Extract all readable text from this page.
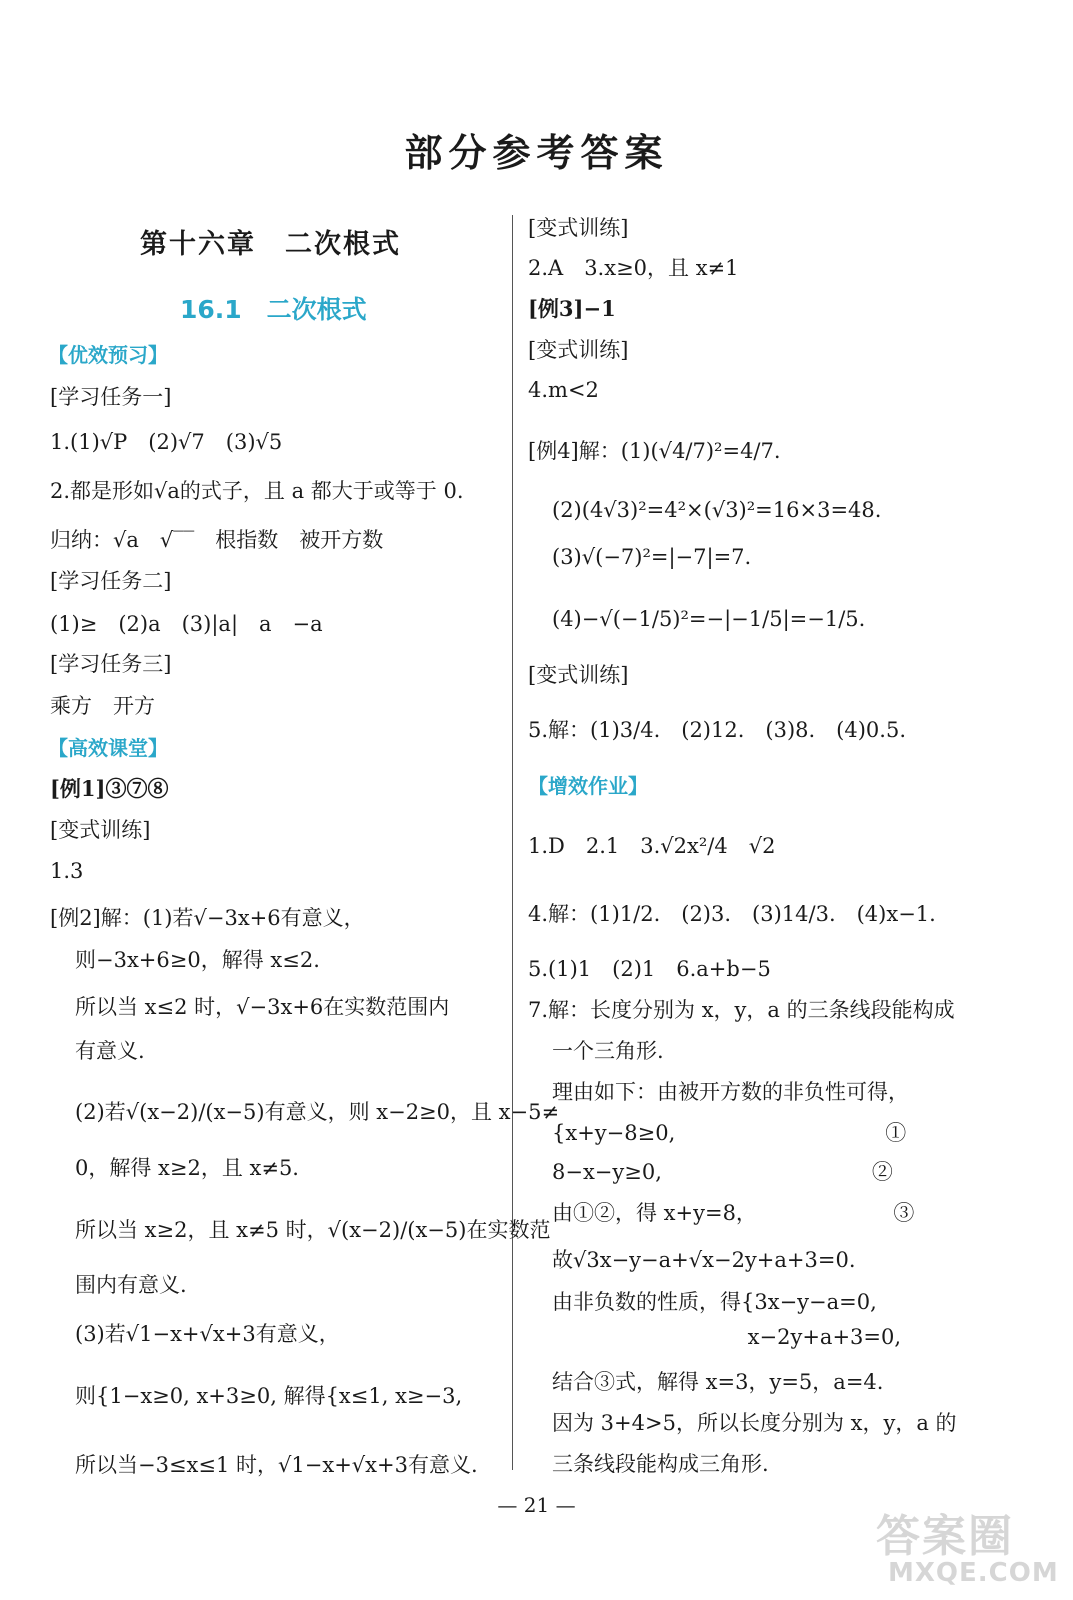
部分参考答案
第十六章　二次根式
16.1　二次根式
【优效预习】
[学习任务一]
1.(1)√P　(2)√7　(3)√5
2.都是形如√a的式子，且 a 都大于或等于 0.
归纳：√a　√‾‾　根指数　被开方数
[学习任务二]
(1)≥　(2)a　(3)|a|　a　−a
[学习任务三]
乘方　开方
【高效课堂】
[例1]③⑦⑧
[变式训练]
1.3
[例2]解：(1)若√−3x+6有意义，
则−3x+6≥0，解得 x≤2.
所以当 x≤2 时，√−3x+6在实数范围内
有意义.
(2)若√(x−2)/(x−5)有意义，则 x−2≥0，且 x−5≠
0，解得 x≥2，且 x≠5.
所以当 x≥2，且 x≠5 时，√(x−2)/(x−5)在实数范
围内有意义.
(3)若√1−x+√x+3有意义，
则{1−x≥0, x+3≥0, 解得{x≤1, x≥−3,
所以当−3≤x≤1 时，√1−x+√x+3有意义.
[变式训练]
2.A　3.x≥0，且 x≠1
[例3]−1
[变式训练]
4.m<2
[例4]解：(1)(√4/7)²=4/7.
(2)(4√3)²=4²×(√3)²=16×3=48.
(3)√(−7)²=|−7|=7.
(4)−√(−1/5)²=−|−1/5|=−1/5.
[变式训练]
5.解：(1)3/4.　(2)12.　(3)8.　(4)0.5.
【增效作业】
1.D　2.1　3.√2x²/4　√2
4.解：(1)1/2.　(2)3.　(3)14/3.　(4)x−1.
5.(1)1　(2)1　6.a+b−5
7.解：长度分别为 x，y，a 的三条线段能构成
一个三角形.
理由如下：由被开方数的非负性可得，
{x+y−8≥0,　　　　　　　　　　①
8−x−y≥0,　　　　　　　　　　②
由①②，得 x+y=8，　　　　　　　③
故√3x−y−a+√x−2y+a+3=0.
由非负数的性质，得{3x−y−a=0,
　　　　　　　　　 x−2y+a+3=0,
结合③式，解得 x=3，y=5，a=4.
因为 3+4>5，所以长度分别为 x，y，a 的
三条线段能构成三角形.
— 21 —
答案圈
MXQE.COM
